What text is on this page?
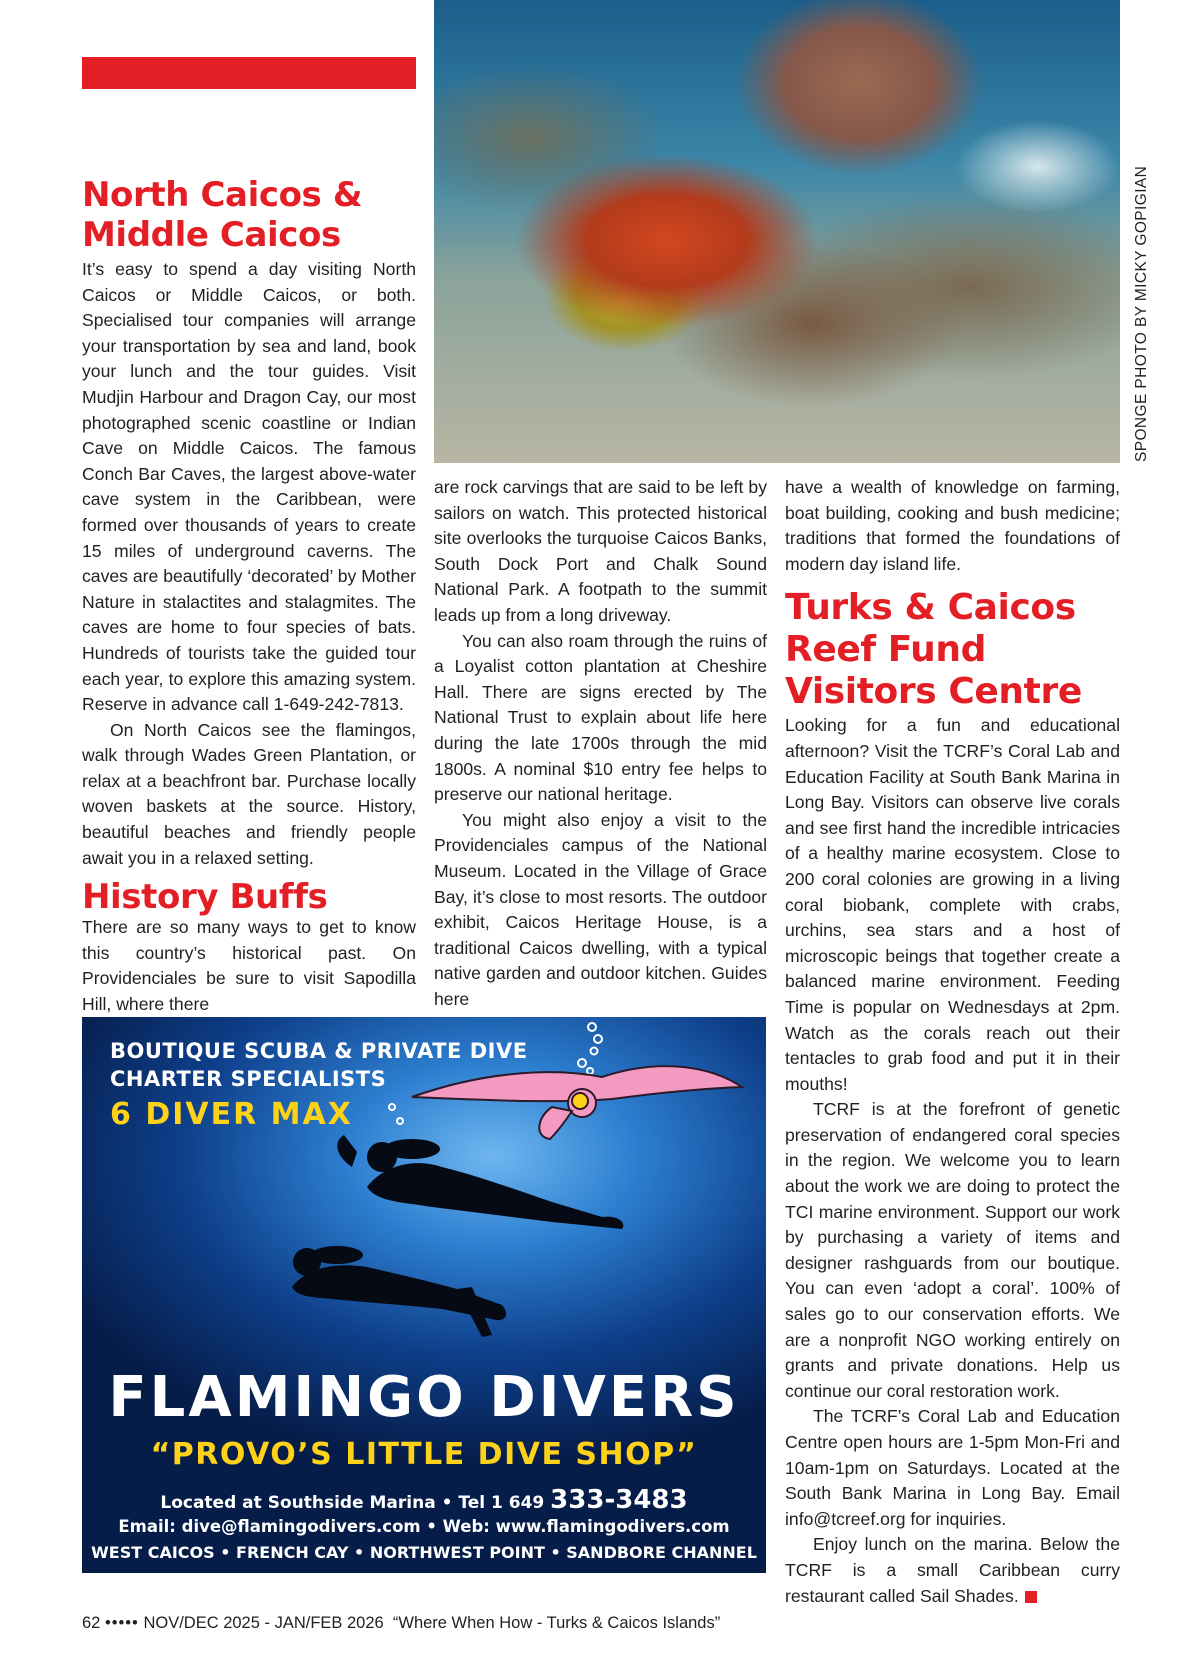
SPONGE PHOTO BY MICKY GOPIGIAN
North Caicos & Middle Caicos

It’s easy to spend a day visiting North Caicos or Middle Caicos, or both. Specialised tour companies will arrange your transportation by sea and land, book your lunch and the tour guides. Visit Mudjin Harbour and Dragon Cay, our most photographed scenic coastline or Indian Cave on Middle Caicos. The famous Conch Bar Caves, the largest above-water cave system in the Caribbean, were formed over thousands of years to create 15 miles of underground caverns. The caves are beautifully ‘decorated’ by Mother Nature in stalactites and stalagmites. The caves are home to four species of bats. Hundreds of tourists take the guided tour each year, to explore this amazing system. Reserve in advance call 1-649-242-7813.

On North Caicos see the flamingos, walk through Wades Green Plantation, or relax at a beachfront bar. Purchase locally woven baskets at the source. History, beautiful beaches and friendly people await you in a relaxed setting.

History Buffs

There are so many ways to get to know this country’s historical past. On Providenciales be sure to visit Sapodilla Hill, where there

are rock carvings that are said to be left by sailors on watch. This protected historical site overlooks the turquoise Caicos Banks, South Dock Port and Chalk Sound National Park. A footpath to the summit leads up from a long driveway.

You can also roam through the ruins of a Loyalist cotton plantation at Cheshire Hall. There are signs erected by The National Trust to explain about life here during the late 1700s through the mid 1800s. A nominal $10 entry fee helps to preserve our national heritage.

You might also enjoy a visit to the Providenciales campus of the National Museum. Located in the Village of Grace Bay, it’s close to most resorts. The outdoor exhibit, Caicos Heritage House, is a traditional Caicos dwelling, with a typical native garden and outdoor kitchen. Guides here

have a wealth of knowledge on farming, boat building, cooking and bush medicine; traditions that formed the foundations of modern day island life.

Turks & Caicos Reef Fund Visitors Centre

Looking for a fun and educational afternoon? Visit the TCRF’s Coral Lab and Education Facility at South Bank Marina in Long Bay. Visitors can observe live corals and see first hand the incredible intricacies of a healthy marine ecosystem. Close to 200 coral colonies are growing in a living coral biobank, complete with crabs, urchins, sea stars and a host of microscopic beings that together create a balanced marine environment. Feeding Time is popular on Wednesdays at 2pm. Watch as the corals reach out their tentacles to grab food and put it in their mouths!

TCRF is at the forefront of genetic preservation of endangered coral species in the region. We welcome you to learn about the work we are doing to protect the TCI marine environment. Support our work by purchasing a variety of items and designer rashguards from our boutique. You can even ‘adopt a coral’. 100% of sales go to our conservation efforts. We are a nonprofit NGO working entirely on grants and private donations. Help us continue our coral restoration work.

The TCRF’s Coral Lab and Education Centre open hours are 1-5pm Mon-Fri and 10am-1pm on Saturdays. Located at the South Bank Marina in Long Bay. Email info@tcreef.org for inquiries.

Enjoy lunch on the marina. Below the TCRF is a small Caribbean curry restaurant called Sail Shades.

BOUTIQUE SCUBA & PRIVATE DIVE
CHARTER SPECIALISTS
6 DIVER MAX
FLAMINGO DIVERS
“PROVO’S LITTLE DIVE SHOP”
Located at Southside Marina • Tel 1 649 333-3483
Email: dive@flamingodivers.com • Web: www.flamingodivers.com
WEST CAICOS • FRENCH CAY • NORTHWEST POINT • SANDBORE CHANNEL
62 ••••• NOV/DEC 2025 - JAN/FEB 2026 “Where When How - Turks & Caicos Islands”
